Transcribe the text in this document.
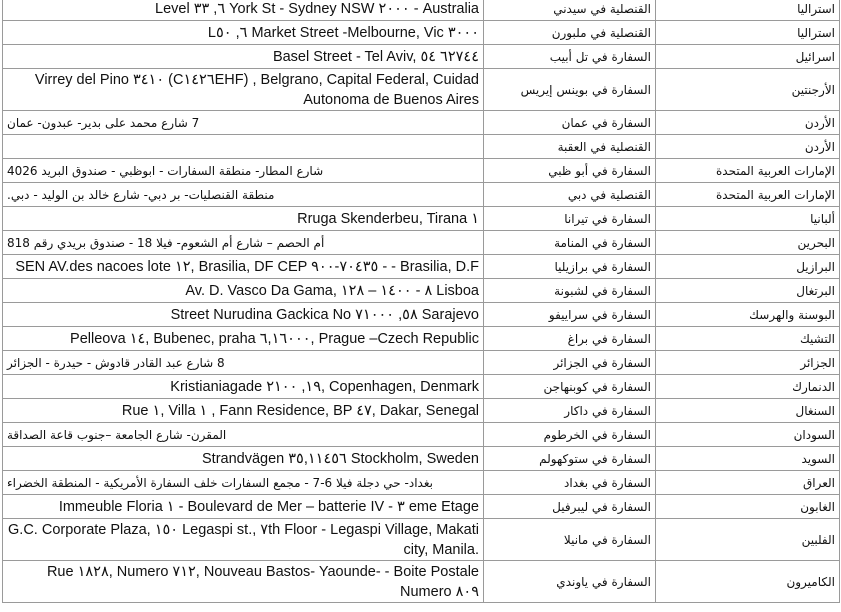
استراليا	القنصلية في سيدني	Level ٦, ٣٣ York St - Sydney NSW ٢٠٠٠ - Australia
استراليا	القنصلية في ملبورن	L٦, ٥٠ Market Street -Melbourne, Vic ٣٠٠٠
اسرائيل	السفارة في تل أبيب	Basel Street - Tel Aviv, ٦٢٧٤٤ ٥٤
الأرجنتين	السفارة في بوينس إيريس	Virrey del Pino ٣٤١٠ (C١٤٢٦EHF) , Belgrano, Capital Federal, Cuidad Autonoma de Buenos Aires
الأردن	السفارة في عمان	7 شارع محمد على بدير- عبدون- عمان
الأردن	القنصلية في العقبة	
الإمارات العربية المتحدة	السفارة في أبو ظبي	شارع المطار- منطقة السفارات - ابوظبي - صندوق البريد 4026
الإمارات العربية المتحدة	القنصلية في دبي	منطقة القنصليات- بر دبي- شارع خالد بن الوليد - دبي.
ألبانيا	السفارة في تيرانا	Rruga Skenderbeu, Tirana ١
البحرين	السفارة في المنامة	أم الحصم – شارع أم الشعوم- فيلا 18 - صندوق بريدي رقم 818
البرازيل	السفارة في برازيليا	SEN AV.des nacoes lote ١٢, Brasilia, DF CEP ٧٠٤٣٥-٩٠٠ - - Brasilia, D.F
البرتغال	السفارة في لشبونة	Av. D. Vasco Da Gama, ٨ - ١٤٠٠ – ١٢٨ Lisboa
البوسنة والهرسك	السفارة في سراييفو	Street Nurudina Gackica No ٥٨, ٧١٠٠٠ Sarajevo
التشيك	السفارة في براغ	Pelleova ١٤, Bubenec, praha ٦,١٦٠٠٠, Prague –Czech Republic
الجزائر	السفارة في الجزائر	8 شارع عبد القادر قادوش - حيدرة - الجزائر
الدنمارك	السفارة في كوبنهاجن	Kristianiagade ١٩, ٢١٠٠, Copenhagen, Denmark
السنغال	السفارة في داكار	Rue ١, Villa ١ , Fann Residence, BP ٤٧, Dakar, Senegal
السودان	السفارة في الخرطوم	المقرن- شارع الجامعة –جنوب قاعة الصداقة
السويد	السفارة في ستوكهولم	Strandvägen ٣٥,١١٤٥٦ Stockholm, Sweden
العراق	السفارة في بغداد	بغداد- حي دجلة فيلا 6-7 - مجمع السفارات خلف السفارة الأمريكية - المنطقة الخضراء
الغابون	السفارة في ليبرفيل	Immeuble Floria ١ - Boulevard de Mer – batterie IV - ٣ eme Etage
الفلبين	السفارة في مانيلا	G.C. Corporate Plaza, ١٥٠ Legaspi st., ٧th Floor - Legaspi Village, Makati city, Manila.
الكاميرون	السفارة في ياوندي	Rue ١٨٢٨, Numero ٧١٢, Nouveau Bastos- Yaounde- - Boite Postale Numero ٨٠٩
